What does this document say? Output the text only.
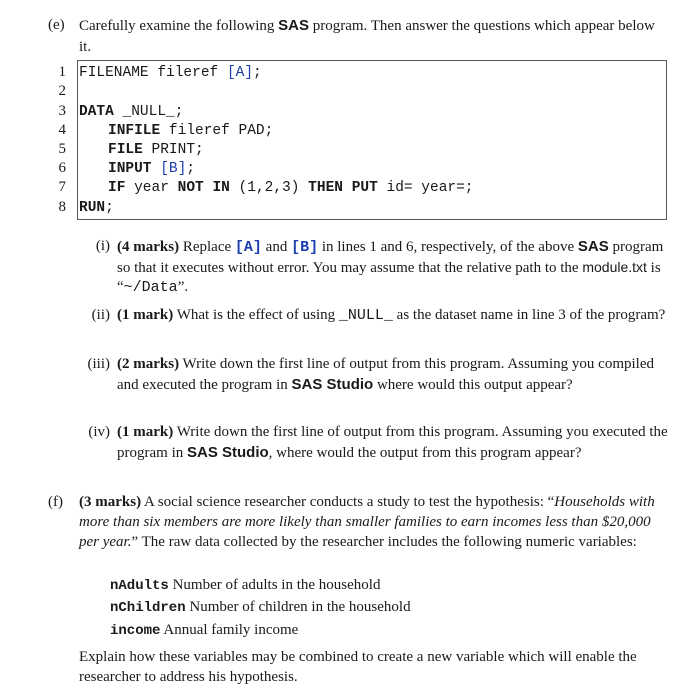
(e) Carefully examine the following SAS program. Then answer the questions which appear below it.
1
2
3
4
5
6
7
8
FILENAME fileref [A];
DATA _NULL_;
INFILE fileref PAD;
FILE PRINT;
INPUT [B];
IF year NOT IN (1,2,3) THEN PUT id= year=;
RUN;
(i) (4 marks) Replace [A] and [B] in lines 1 and 6, respectively, of the above SAS program so that it executes without error. You may assume that the relative path to the module.txt is “~/Data”.
(ii) (1 mark) What is the effect of using _NULL_ as the dataset name in line 3 of the program?
(iii) (2 marks) Write down the first line of output from this program. Assuming you compiled and executed the program in SAS Studio where would this output appear?
(iv) (1 mark) Write down the first line of output from this program. Assuming you executed the program in SAS Studio, where would the output from this program appear?
(f) (3 marks) A social science researcher conducts a study to test the hypothesis: “Households with more than six members are more likely than smaller families to earn incomes less than $20,000 per year.” The raw data collected by the researcher includes the following numeric variables:
nAdults Number of adults in the household
nChildren Number of children in the household
income Annual family income
Explain how these variables may be combined to create a new variable which will enable the researcher to address his hypothesis.
